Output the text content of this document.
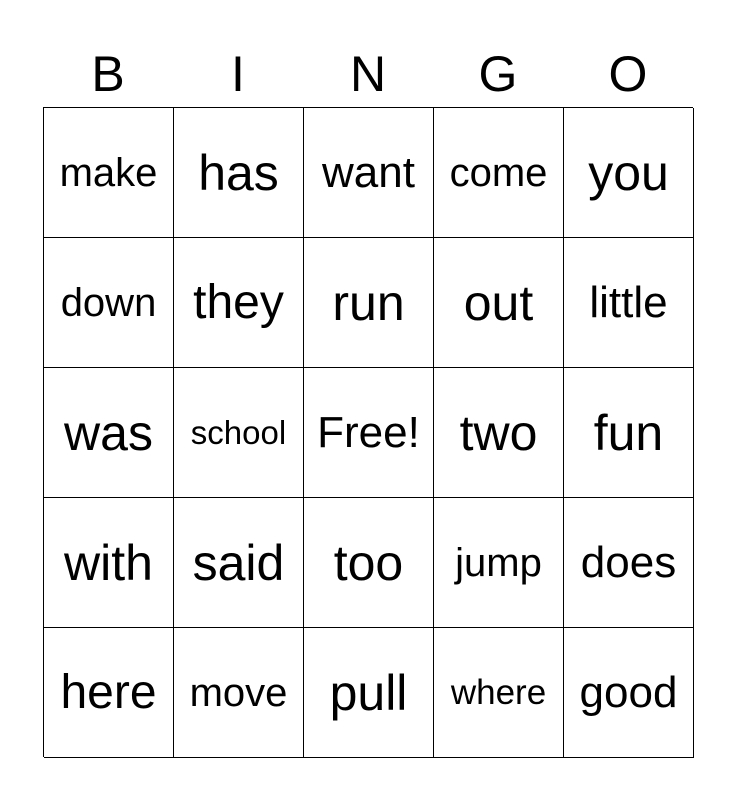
B	I	N	G	O
make has want come you
down they run	out	little
was	school Free! two	fun
with said too	jump does
here move pull	where good
